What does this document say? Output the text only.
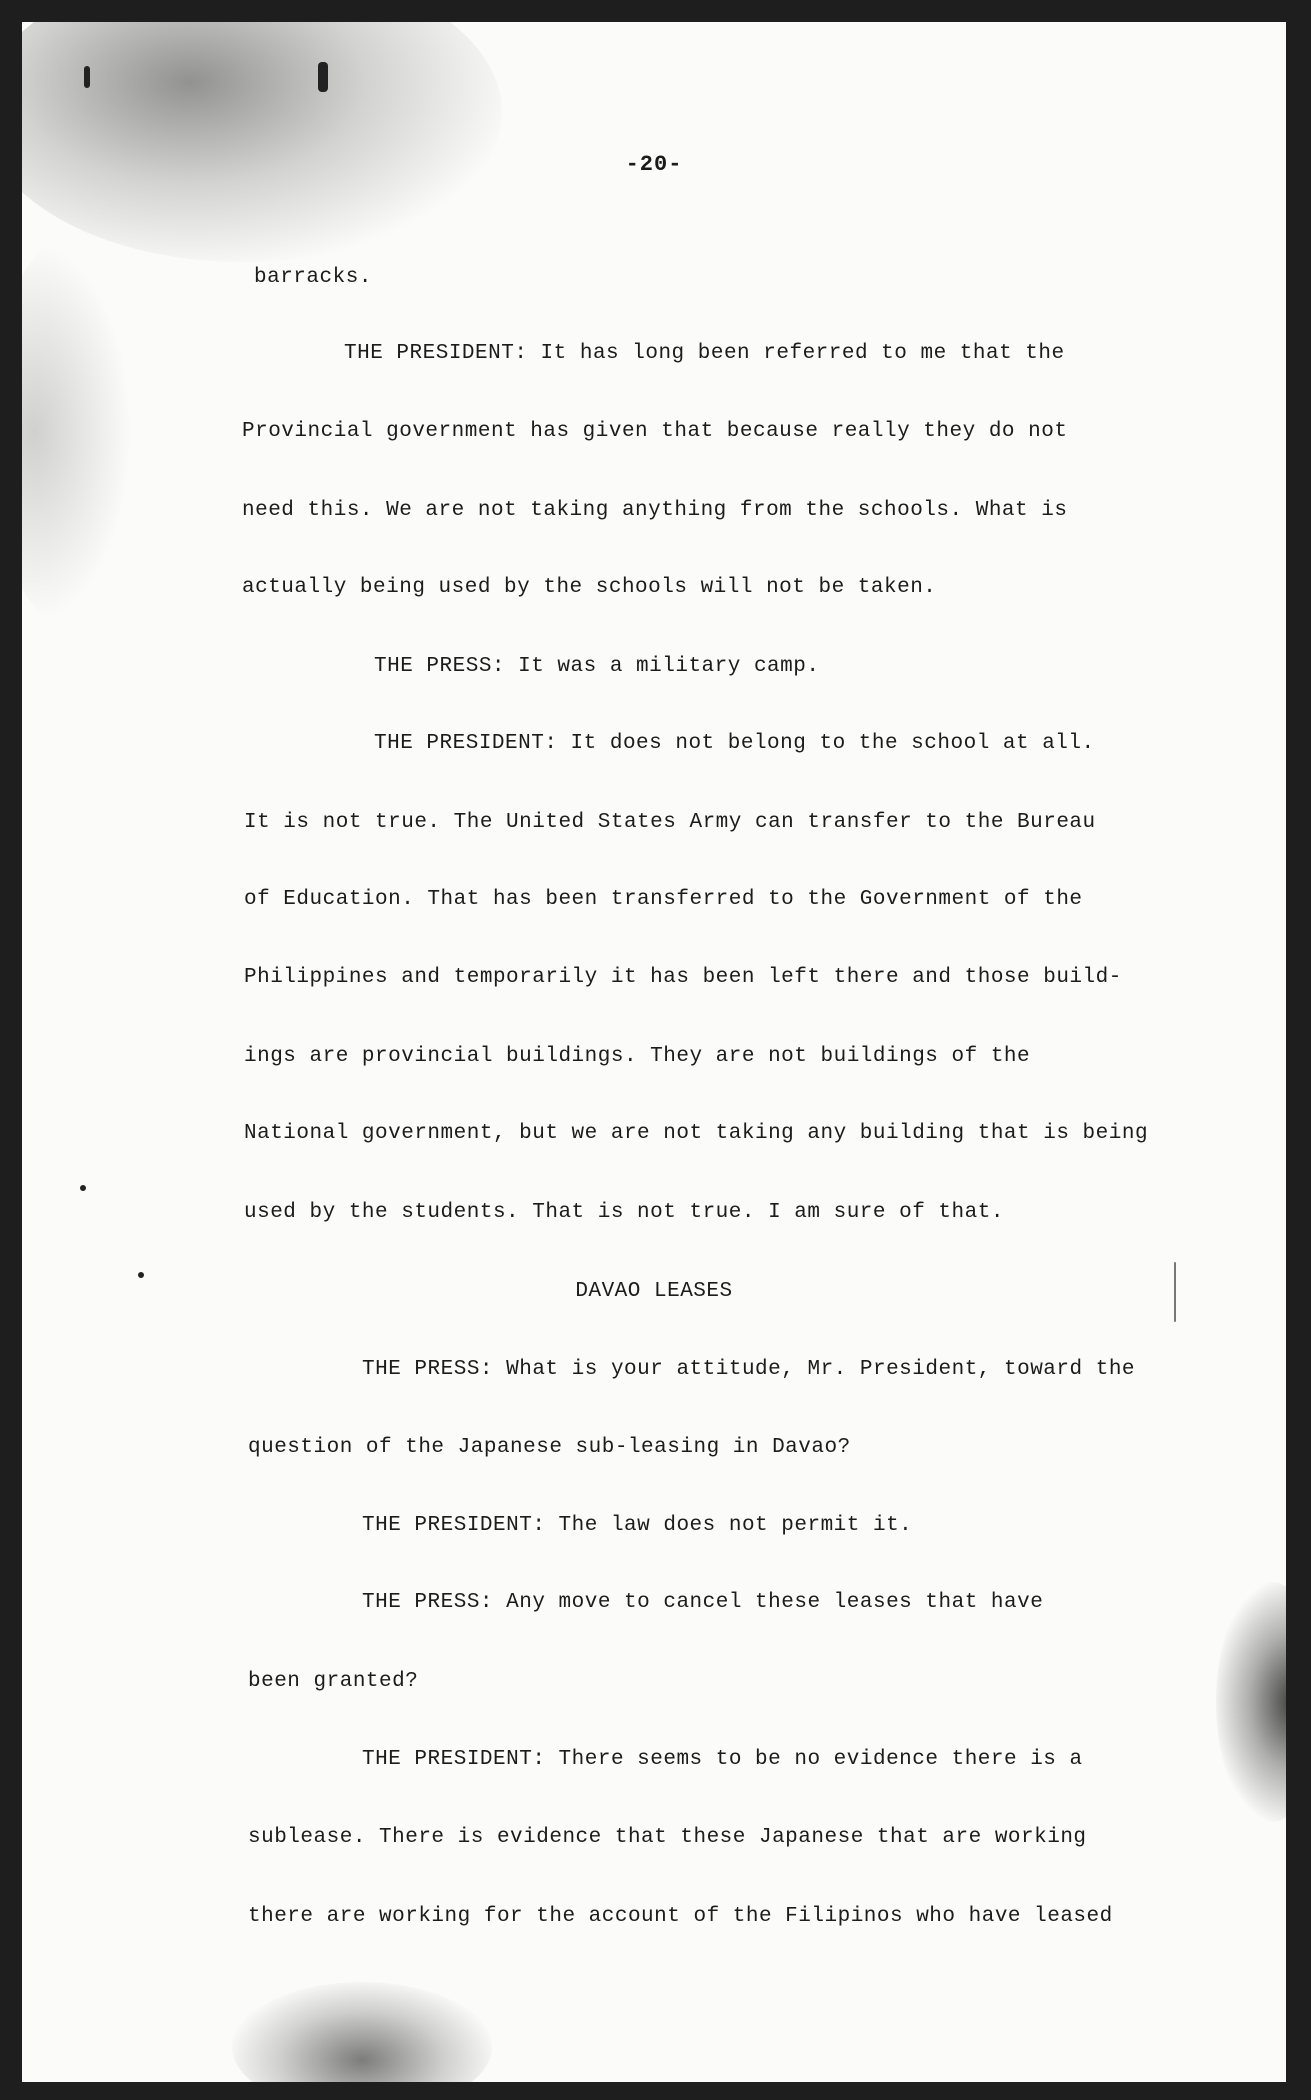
-20-
barracks.
THE PRESIDENT: It has long been referred to me that the
Provincial government has given that because really they do not
need this. We are not taking anything from the schools. What is
actually being used by the schools will not be taken.
THE PRESS: It was a military camp.
THE PRESIDENT: It does not belong to the school at all.
It is not true. The United States Army can transfer to the Bureau
of Education. That has been transferred to the Government of the
Philippines and temporarily it has been left there and those build-
ings are provincial buildings. They are not buildings of the
National government, but we are not taking any building that is being
used by the students. That is not true. I am sure of that.
DAVAO LEASES
THE PRESS: What is your attitude, Mr. President, toward the
question of the Japanese sub-leasing in Davao?
THE PRESIDENT: The law does not permit it.
THE PRESS: Any move to cancel these leases that have
been granted?
THE PRESIDENT: There seems to be no evidence there is a
sublease. There is evidence that these Japanese that are working
there are working for the account of the Filipinos who have leased
